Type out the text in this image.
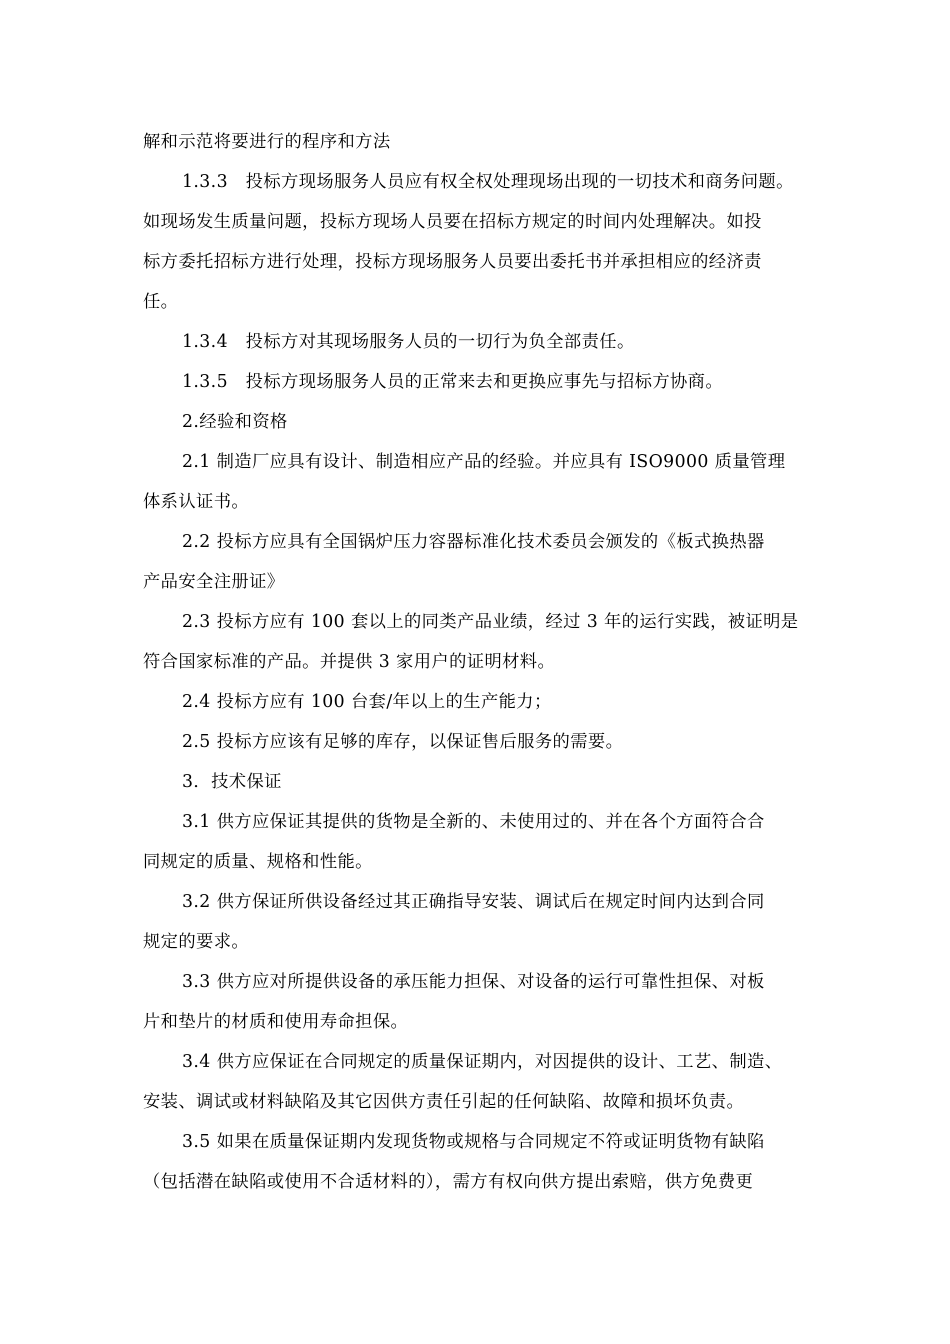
解和示范将要进行的程序和方法
1.3.3　投标方现场服务人员应有权全权处理现场出现的一切技术和商务问题。
如现场发生质量问题，投标方现场人员要在招标方规定的时间内处理解决。如投
标方委托招标方进行处理，投标方现场服务人员要出委托书并承担相应的经济责
任。
1.3.4　投标方对其现场服务人员的一切行为负全部责任。
1.3.5　投标方现场服务人员的正常来去和更换应事先与招标方协商。
2.经验和资格
2.1 制造厂应具有设计、制造相应产品的经验。并应具有 ISO9000 质量管理
体系认证书。
2.2 投标方应具有全国锅炉压力容器标准化技术委员会颁发的《板式换热器
产品安全注册证》
2.3 投标方应有 100 套以上的同类产品业绩，经过 3 年的运行实践，被证明是
符合国家标准的产品。并提供 3 家用户的证明材料。
2.4 投标方应有 100 台套/年以上的生产能力；
2.5 投标方应该有足够的库存，以保证售后服务的需要。
3．技术保证
3.1 供方应保证其提供的货物是全新的、未使用过的、并在各个方面符合合
同规定的质量、规格和性能。
3.2 供方保证所供设备经过其正确指导安装、调试后在规定时间内达到合同
规定的要求。
3.3 供方应对所提供设备的承压能力担保、对设备的运行可靠性担保、对板
片和垫片的材质和使用寿命担保。
3.4 供方应保证在合同规定的质量保证期内，对因提供的设计、工艺、制造、
安装、调试或材料缺陷及其它因供方责任引起的任何缺陷、故障和损坏负责。
3.5 如果在质量保证期内发现货物或规格与合同规定不符或证明货物有缺陷
（包括潜在缺陷或使用不合适材料的），需方有权向供方提出索赔，供方免费更
